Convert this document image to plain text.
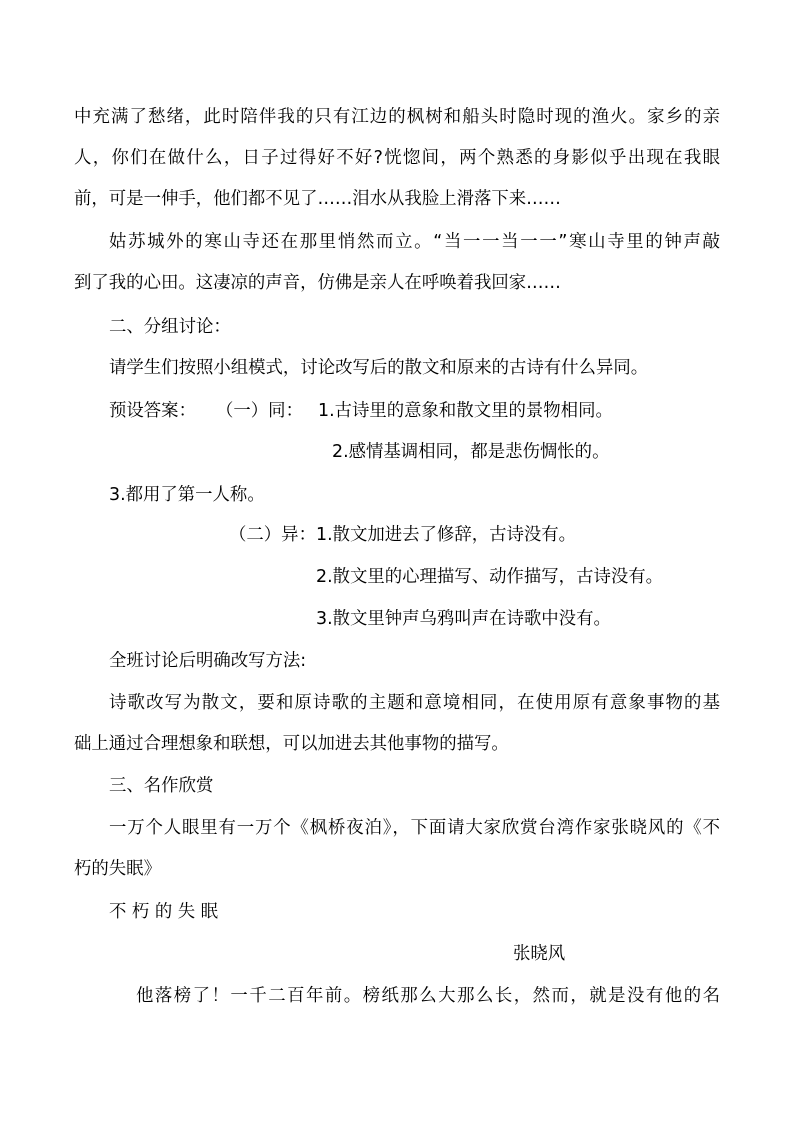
中充满了愁绪，此时陪伴我的只有江边的枫树和船头时隐时现的渔火。家乡的亲

人，你们在做什么，日子过得好不好?恍惚间，两个熟悉的身影似乎出现在我眼

前，可是一伸手，他们都不见了……泪水从我脸上滑落下来……

姑苏城外的寒山寺还在那里悄然而立。“当一一当一一”寒山寺里的钟声敲

到了我的心田。这凄凉的声音，仿佛是亲人在呼唤着我回家……

二、分组讨论：

请学生们按照小组模式，讨论改写后的散文和原来的古诗有什么异同。

预设答案： （一）同： 1.古诗里的意象和散文里的景物相同。

2.感情基调相同，都是悲伤惆怅的。

3.都用了第一人称。

（二）异： 1.散文加进去了修辞，古诗没有。

2.散文里的心理描写、动作描写，古诗没有。

3.散文里钟声乌鸦叫声在诗歌中没有。

全班讨论后明确改写方法:

诗歌改写为散文，要和原诗歌的主题和意境相同，在使用原有意象事物的基

础上通过合理想象和联想，可以加进去其他事物的描写。

三、名作欣赏

一万个人眼里有一万个《枫桥夜泊》，下面请大家欣赏台湾作家张晓风的《不

朽的失眠》

不 朽 的 失 眠

张晓风

他落榜了！一千二百年前。榜纸那么大那么长，然而，就是没有他的名
